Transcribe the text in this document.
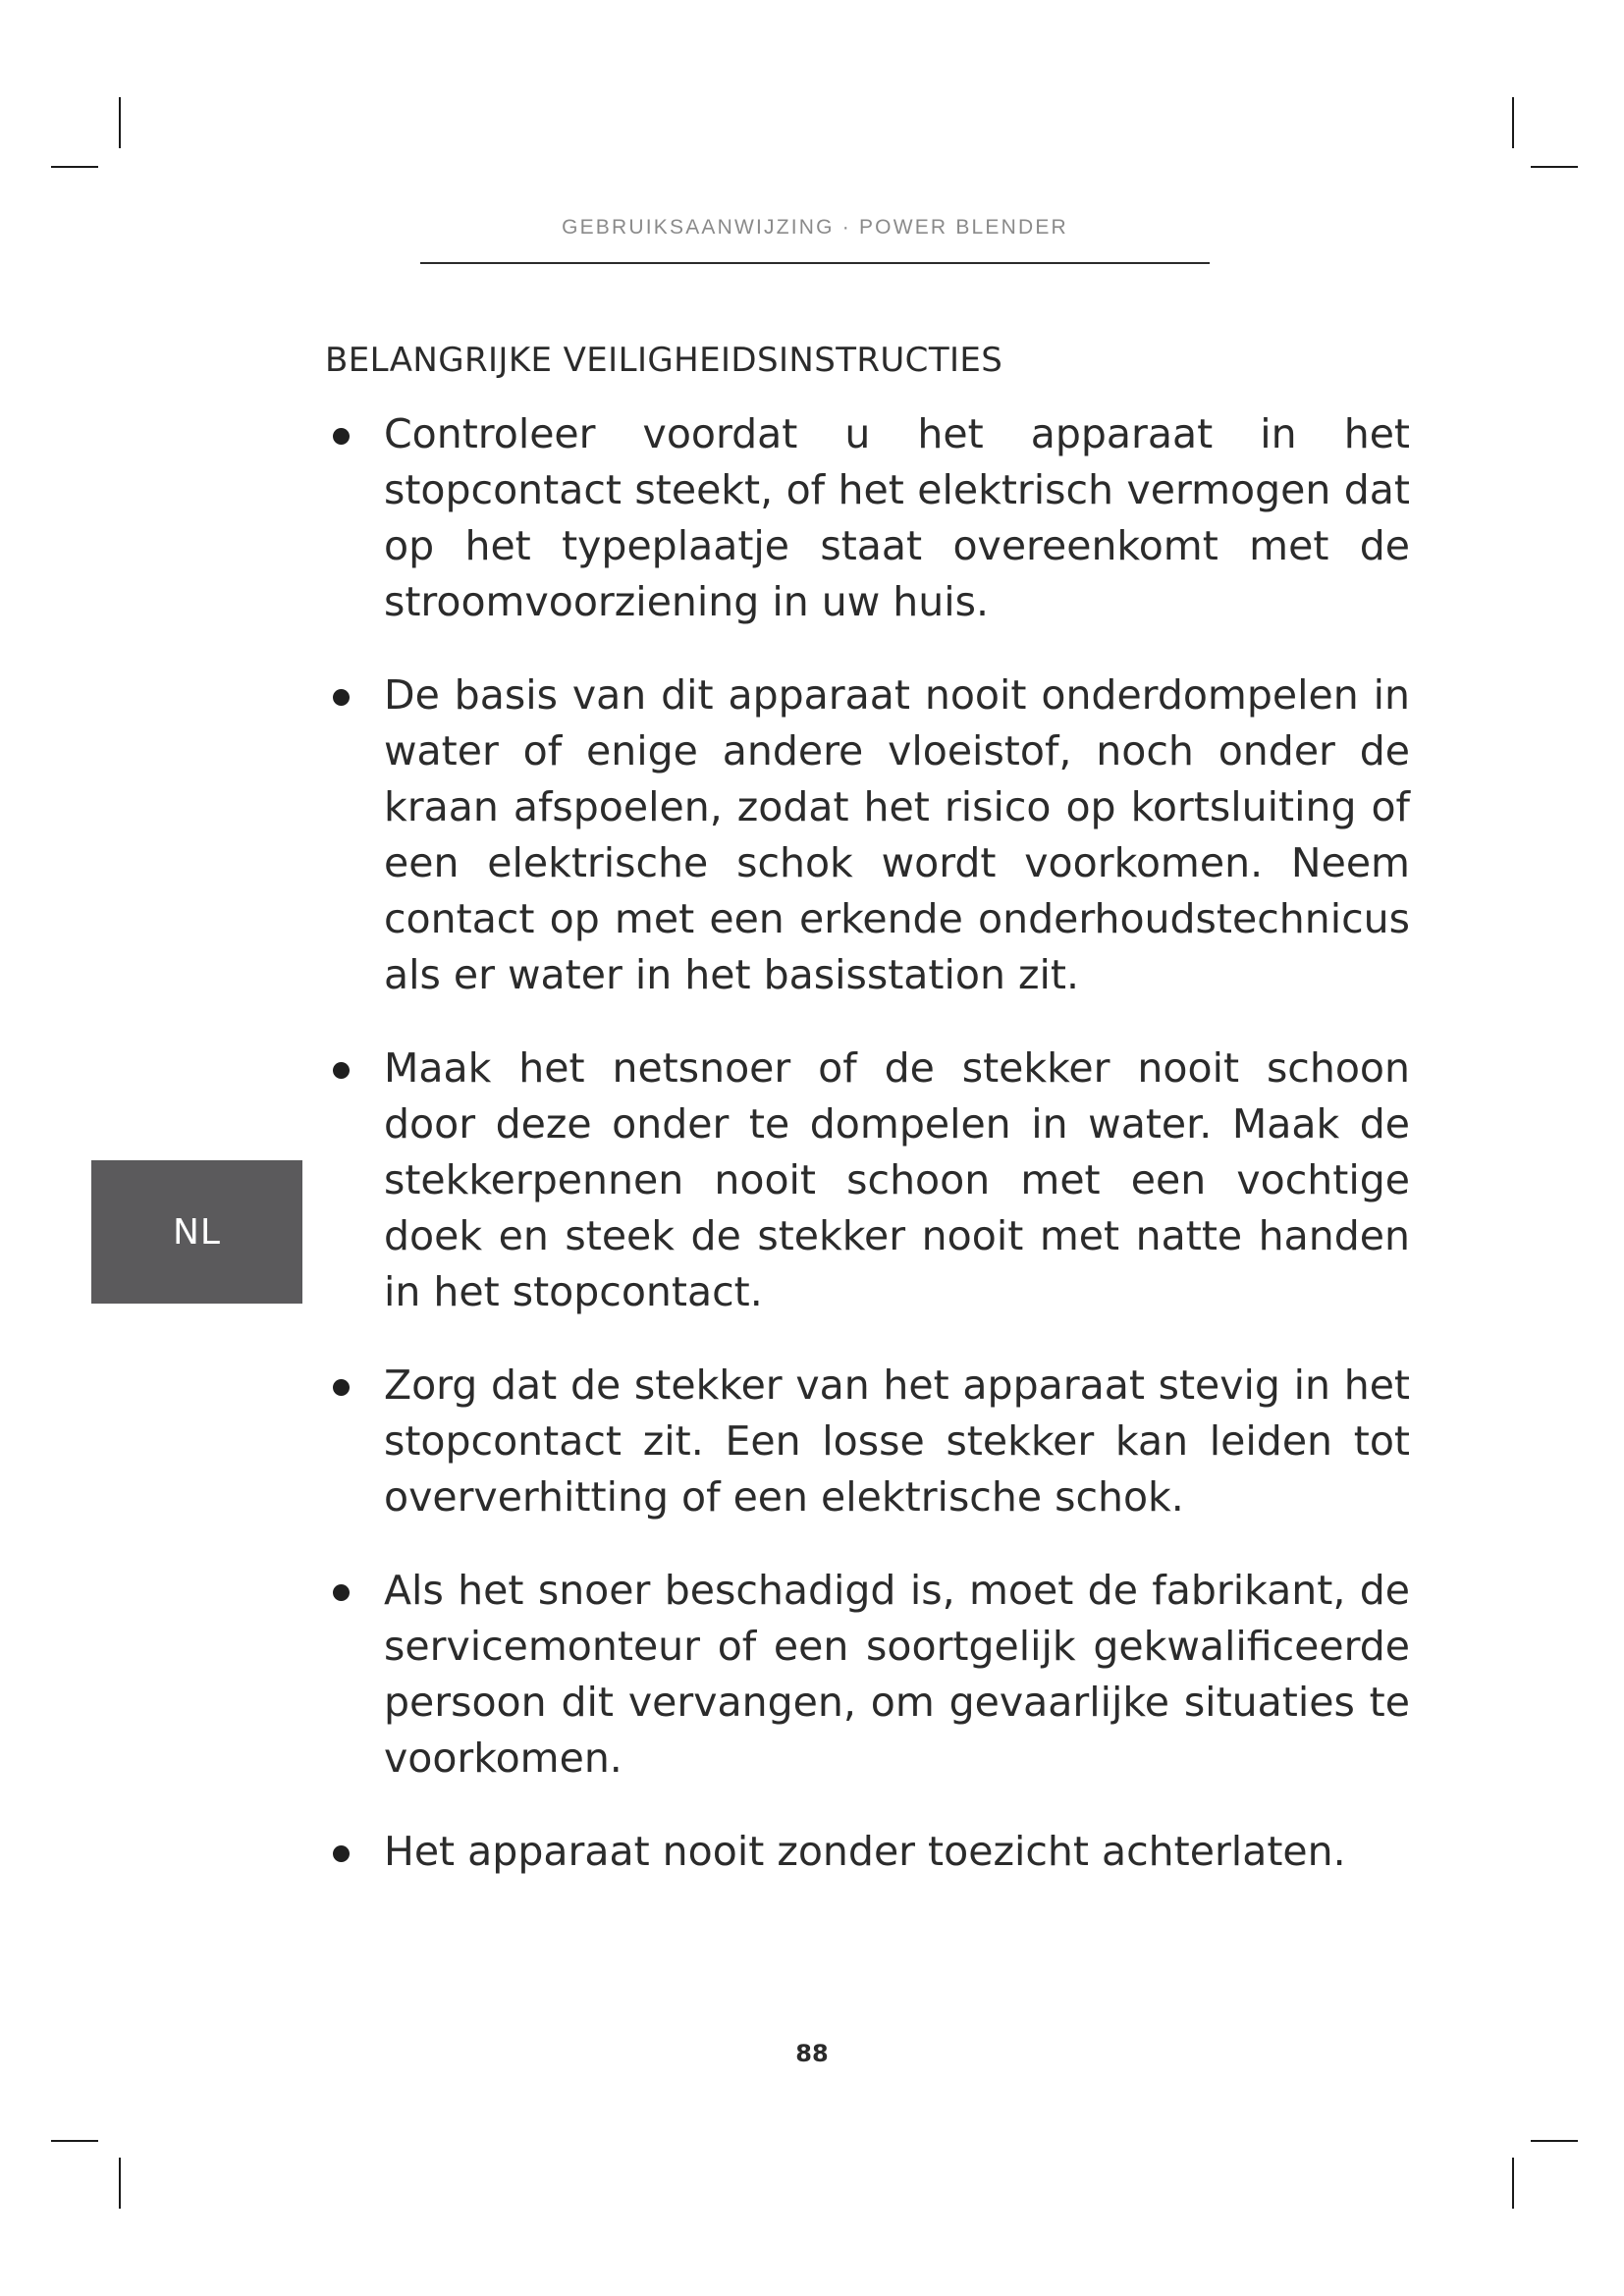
GEBRUIKSAANWIJZING · POWER BLENDER
BELANGRIJKE VEILIGHEIDSINSTRUCTIES
Controleer voordat u het apparaat in het stopcontact steekt, of het elektrisch vermogen dat op het typeplaatje staat overeenkomt met de stroomvoorziening in uw huis.
De basis van dit apparaat nooit onderdompelen in water of enige andere vloeistof, noch onder de kraan afspoelen, zodat het risico op kortsluiting of een elektrische schok wordt voorkomen. Neem contact op met een erkende onderhoudstechnicus als er water in het basisstation zit.
Maak het netsnoer of de stekker nooit schoon door deze onder te dompelen in water. Maak de stekkerpennen nooit schoon met een vochtige doek en steek de stekker nooit met natte handen in het stopcontact.
Zorg dat de stekker van het apparaat stevig in het stopcontact zit. Een losse stekker kan leiden tot oververhitting of een elektrische schok.
Als het snoer beschadigd is, moet de fabrikant, de servicemonteur of een soortgelijk gekwalificeerde persoon dit vervangen, om gevaarlijke situaties te voorkomen.
Het apparaat nooit zonder toezicht achterlaten.
NL
88
